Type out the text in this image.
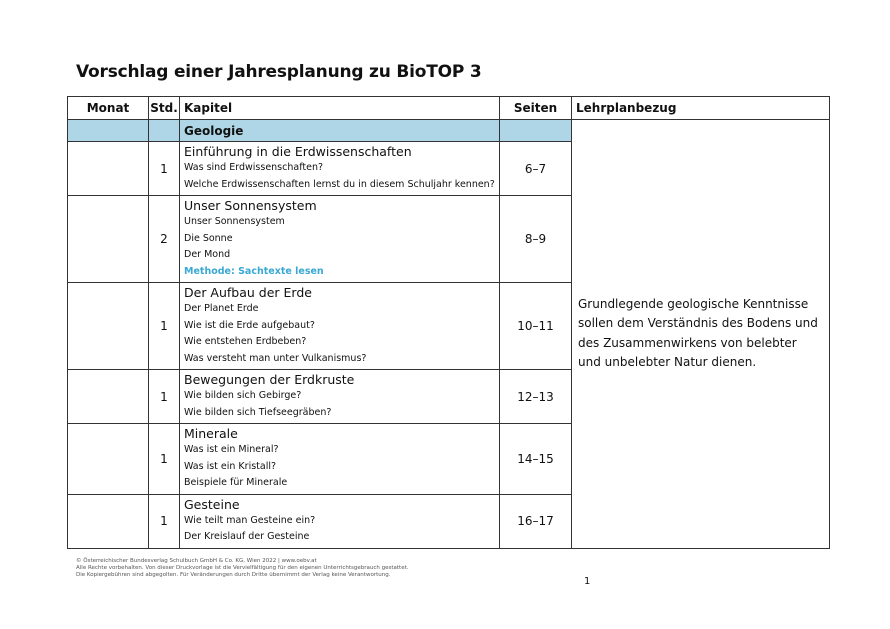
Vorschlag einer Jahresplanung zu BioTOP 3
Monat	Std.	Kapitel	Seiten	Lehrplanbezug
		Geologie		Grundlegende geologische Kenntnisse sollen dem Verständnis des Bodens und des Zusammenwirkens von belebter und unbelebter Natur dienen.
	1	Einführung in die Erdwissenschaften
Was sind Erdwissenschaften?
Welche Erdwissenschaften lernst du in diesem Schuljahr kennen?	6–7	
	2	Unser Sonnensystem
Unser Sonnensystem
Die Sonne
Der Mond
Methode: Sachtexte lesen	8–9	
	1	Der Aufbau der Erde
Der Planet Erde
Wie ist die Erde aufgebaut?
Wie entstehen Erdbeben?
Was versteht man unter Vulkanismus?	10–11	
	1	Bewegungen der Erdkruste
Wie bilden sich Gebirge?
Wie bilden sich Tiefseegräben?	12–13	
	1	Minerale
Was ist ein Mineral?
Was ist ein Kristall?
Beispiele für Minerale	14–15	
	1	Gesteine
Wie teilt man Gesteine ein?
Der Kreislauf der Gesteine	16–17	
© Österreichischer Bundesverlag Schulbuch GmbH & Co. KG, Wien 2022 | www.oebv.at
Alle Rechte vorbehalten. Von dieser Druckvorlage ist die Vervielfältigung für den eigenen Unterrichtsgebrauch gestattet.
Die Kopiergebühren sind abgegolten. Für Veränderungen durch Dritte übernimmt der Verlag keine Verantwortung.
1
